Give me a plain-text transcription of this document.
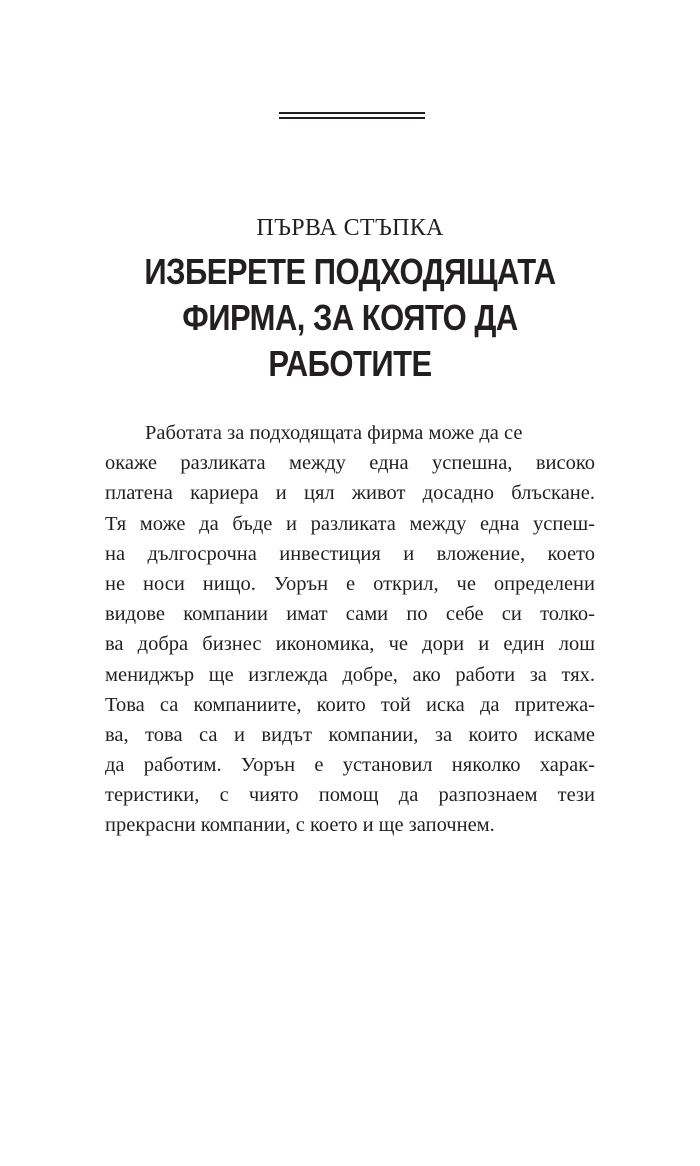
ПЪРВА СТЪПКА
ИЗБЕРЕТЕ ПОДХОДЯЩАТА
ФИРМА, ЗА КОЯТО ДА
РАБОТИТЕ
Работата за подходящата фирма може да се
окаже разликата между една успешна, високо
платена кариера и цял живот досадно блъскане.
Тя може да бъде и разликата между една успеш-
на дългосрочна инвестиция и вложение, което
не носи нищо. Уорън е открил, че определени
видове компании имат сами по себе си толко-
ва добра бизнес икономика, че дори и един лош
мениджър ще изглежда добре, ако работи за тях.
Това са компаниите, които той иска да притежа-
ва, това са и видът компании, за които искаме
да работим. Уорън е установил няколко харак-
теристики, с чиято помощ да разпознаем тези
прекрасни компании, с което и ще започнем.
